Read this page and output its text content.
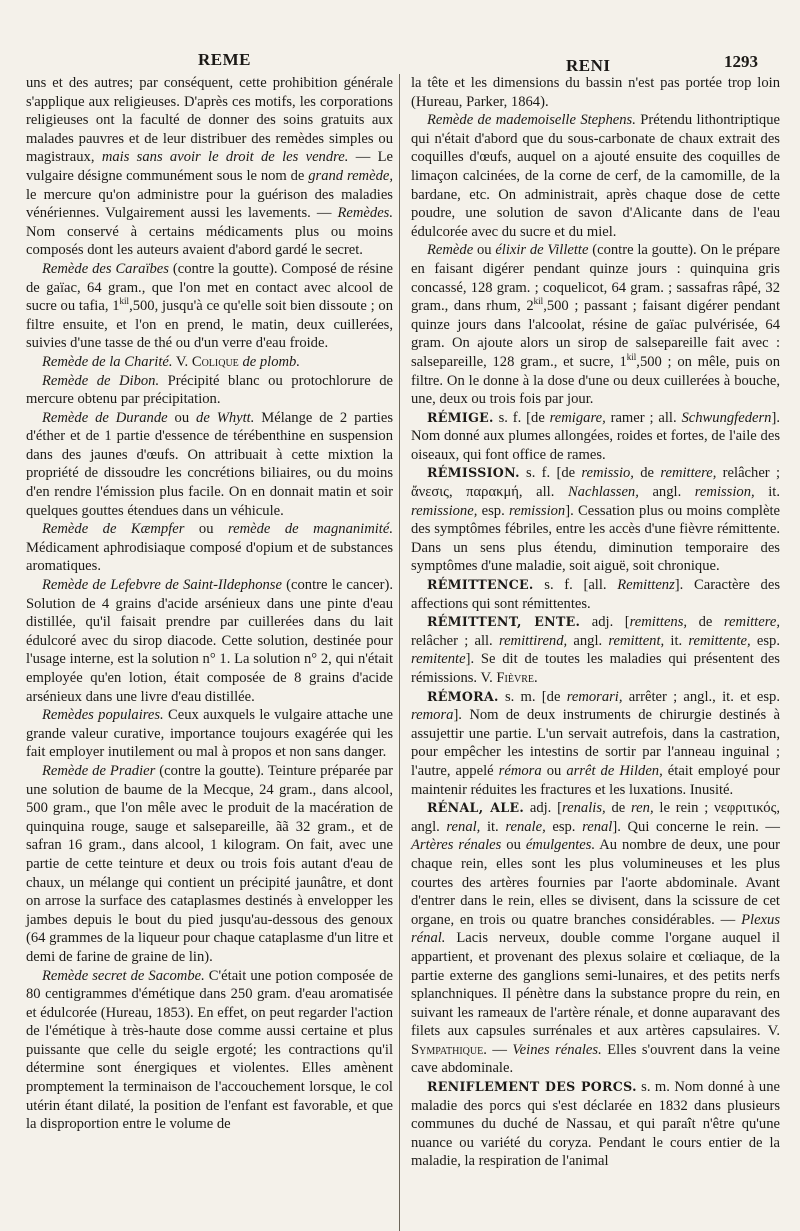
REME	RENI	1293

uns et des autres; par conséquent, cette prohibition générale s'applique aux religieuses. D'après ces motifs, les corporations religieuses ont la faculté de donner des soins gratuits aux malades pauvres et de leur distribuer des remèdes simples ou magistraux, mais sans avoir le droit de les vendre. — Le vulgaire désigne communément sous le nom de grand remède, le mercure qu'on administre pour la guérison des maladies vénériennes. Vulgairement aussi les lavements. — Remèdes. Nom conservé à certains médicaments plus ou moins composés dont les auteurs avaient d'abord gardé le secret.

Remède des Caraïbes (contre la goutte). Composé de résine de gaïac, 64 gram., que l'on met en contact avec alcool de sucre ou tafia, $1^{kil},500$, jusqu'à ce qu'elle soit bien dissoute ; on filtre ensuite, et l'on en prend, le matin, deux cuillerées, suivies d'une tasse de thé ou d'un verre d'eau froide.

Remède de la Charité. V. Colique de plomb.

Remède de Dibon. Précipité blanc ou protochlorure de mercure obtenu par précipitation.

Remède de Durande ou de Whytt. Mélange de 2 parties d'éther et de 1 partie d'essence de térébenthine en suspension dans des jaunes d'œufs. On attribuait à cette mixtion la propriété de dissoudre les concrétions biliaires, ou du moins d'en rendre l'émission plus facile. On en donnait matin et soir quelques gouttes étendues dans un véhicule.

Remède de Kæmpfer ou remède de magnanimité. Médicament aphrodisiaque composé d'opium et de substances aromatiques.

Remède de Lefebvre de Saint-Ildephonse (contre le cancer). Solution de 4 grains d'acide arsénieux dans une pinte d'eau distillée, qu'il faisait prendre par cuillerées dans du lait édulcoré avec du sirop diacode. Cette solution, destinée pour l'usage interne, est la solution n° 1. La solution n° 2, qui n'était employée qu'en lotion, était composée de 8 grains d'acide arsénieux dans une livre d'eau distillée.

Remèdes populaires. Ceux auxquels le vulgaire attache une grande valeur curative, importance toujours exagérée qui les fait employer inutilement ou mal à propos et non sans danger.

Remède de Pradier (contre la goutte). Teinture préparée par une solution de baume de la Mecque, 24 gram., dans alcool, 500 gram., que l'on mêle avec le produit de la macération de quinquina rouge, sauge et salsepareille, ãã 32 gram., et de safran 16 gram., dans alcool, 1 kilogram. On fait, avec une partie de cette teinture et deux ou trois fois autant d'eau de chaux, un mélange qui contient un précipité jaunâtre, et dont on arrose la surface des cataplasmes destinés à envelopper les jambes depuis le bout du pied jusqu'au-dessous des genoux (64 grammes de la liqueur pour chaque cataplasme d'un litre et demi de farine de graine de lin).

Remède secret de Sacombe. C'était une potion composée de 80 centigrammes d'émétique dans 250 gram. d'eau aromatisée et édulcorée (Hureau, 1853). En effet, on peut regarder l'action de l'émétique à très-haute dose comme aussi certaine et plus puissante que celle du seigle ergoté; les contractions qu'il détermine sont énergiques et violentes. Elles amènent promptement la terminaison de l'accouchement lorsque, le col utérin étant dilaté, la position de l'enfant est favorable, et que la disproportion entre le volume de

la tête et les dimensions du bassin n'est pas portée trop loin (Hureau, Parker, 1864).

Remède de mademoiselle Stephens. Prétendu lithontriptique qui n'était d'abord que du sous-carbonate de chaux extrait des coquilles d'œufs, auquel on a ajouté ensuite des coquilles de limaçon calcinées, de la corne de cerf, de la camomille, de la bardane, etc. On administrait, après chaque dose de cette poudre, une solution de savon d'Alicante dans de l'eau édulcorée avec du sucre et du miel.

Remède ou élixir de Villette (contre la goutte). On le prépare en faisant digérer pendant quinze jours : quinquina gris concassé, 128 gram. ; coquelicot, 64 gram. ; sassafras râpé, 32 gram., dans rhum, $2^{kil},500$ ; passant ; faisant digérer pendant quinze jours dans l'alcoolat, résine de gaïac pulvérisée, 64 gram. On ajoute alors un sirop de salsepareille fait avec : salsepareille, 128 gram., et sucre, $1^{kil},500$ ; on mêle, puis on filtre. On le donne à la dose d'une ou deux cuillerées à bouche, une, deux ou trois fois par jour.

RÉMIGE. s. f. [de remigare, ramer ; all. Schwungfedern]. Nom donné aux plumes allongées, roides et fortes, de l'aile des oiseaux, qui font office de rames.

RÉMISSION. s. f. [de remissio, de remittere, relâcher ; ἄνεσις, παρακμή, all. Nachlassen, angl. remission, it. remissione, esp. remission]. Cessation plus ou moins complète des symptômes fébriles, entre les accès d'une fièvre rémittente. Dans un sens plus étendu, diminution temporaire des symptômes d'une maladie, soit aiguë, soit chronique.

RÉMITTENCE. s. f. [all. Remittenz]. Caractère des affections qui sont rémittentes.

RÉMITTENT, ENTE. adj. [remittens, de remittere, relâcher ; all. remittirend, angl. remittent, it. remittente, esp. remitente]. Se dit de toutes les maladies qui présentent des rémissions. V. Fièvre.

RÉMORA. s. m. [de remorari, arrêter ; angl., it. et esp. remora]. Nom de deux instruments de chirurgie destinés à assujettir une partie. L'un servait autrefois, dans la castration, pour empêcher les intestins de sortir par l'anneau inguinal ; l'autre, appelé rémora ou arrêt de Hilden, était employé pour maintenir réduites les fractures et les luxations. Inusité.

RÉNAL, ALE. adj. [renalis, de ren, le rein ; νεφριτικός, angl. renal, it. renale, esp. renal]. Qui concerne le rein. — Artères rénales ou émulgentes. Au nombre de deux, une pour chaque rein, elles sont les plus volumineuses et les plus courtes des artères fournies par l'aorte abdominale. Avant d'entrer dans le rein, elles se divisent, dans la scissure de cet organe, en trois ou quatre branches considérables. — Plexus rénal. Lacis nerveux, double comme l'organe auquel il appartient, et provenant des plexus solaire et cœliaque, de la partie externe des ganglions semi-lunaires, et des petits nerfs splanchniques. Il pénètre dans la substance propre du rein, en suivant les rameaux de l'artère rénale, et donne auparavant des filets aux capsules surrénales et aux artères capsulaires. V. Sympathique. — Veines rénales. Elles s'ouvrent dans la veine cave abdominale.

RENIFLEMENT DES PORCS. s. m. Nom donné à une maladie des porcs qui s'est déclarée en 1832 dans plusieurs communes du duché de Nassau, et qui paraît n'être qu'une nuance ou variété du coryza. Pendant le cours entier de la maladie, la respiration de l'animal
